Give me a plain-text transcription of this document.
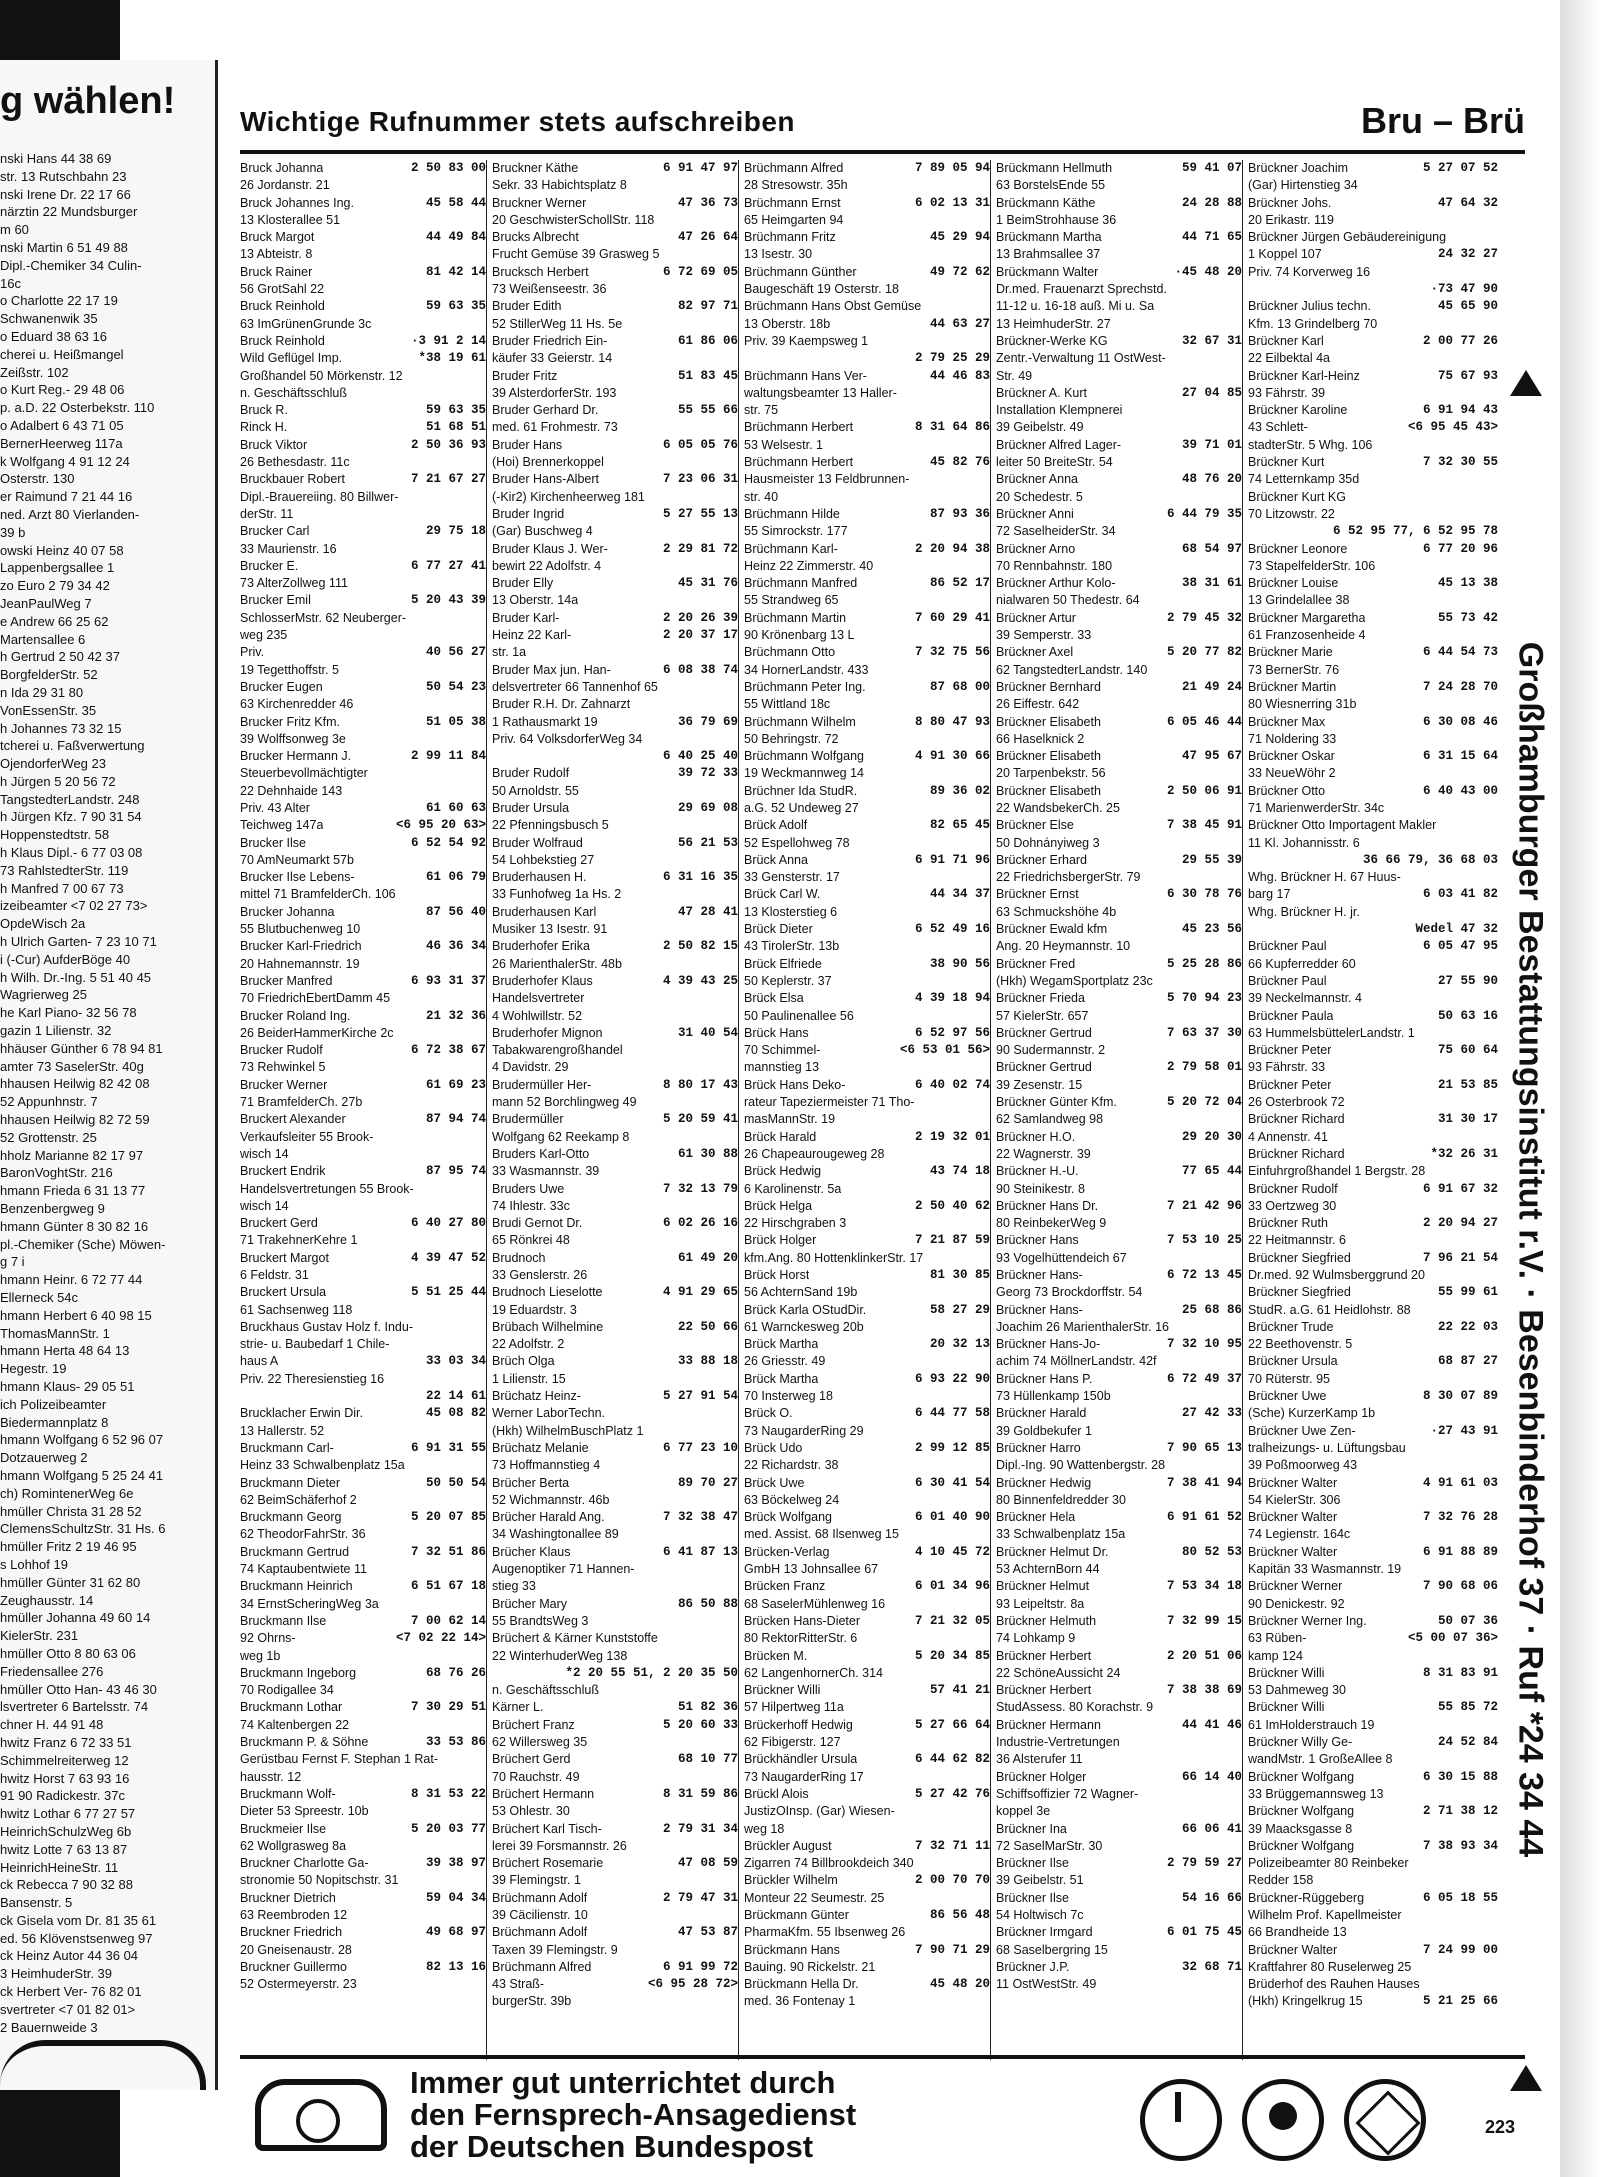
g wählen!
nski Hans 44 38 69
str. 13 Rutschbahn 23
nski Irene Dr. 22 17 66
närztin 22 Mundsburger
m 60
nski Martin 6 51 49 88
Dipl.-Chemiker 34 Culin-
16c
o Charlotte 22 17 19
Schwanenwik 35
o Eduard 38 63 16
cherei u. Heißmangel
Zeißstr. 102
o Kurt Reg.- 29 48 06
p. a.D. 22 Osterbekstr. 110
o Adalbert 6 43 71 05
BernerHeerweg 117a
k Wolfgang 4 91 12 24
Osterstr. 130
er Raimund 7 21 44 16
ned. Arzt 80 Vierlanden-
39 b
owski Heinz 40 07 58
Lappenbergsallee 1
zo Euro 2 79 34 42
JeanPaulWeg 7
e Andrew 66 25 62
Martensallee 6
h Gertrud 2 50 42 37
BorgfelderStr. 52
n Ida 29 31 80
VonEssenStr. 35
h Johannes 73 32 15
tcherei u. Faßverwertung
OjendorferWeg 23
h Jürgen 5 20 56 72
TangstedterLandstr. 248
h Jürgen Kfz. 7 90 31 54
Hoppenstedtstr. 58
h Klaus Dipl.- 6 77 03 08
73 RahlstedterStr. 119
h Manfred 7 00 67 73
izeibeamter <7 02 27 73>
OpdeWisch 2a
h Ulrich Garten- 7 23 10 71
i (-Cur) AufderBöge 40
h Wilh. Dr.-Ing. 5 51 40 45
Wagrierweg 25
he Karl Piano- 32 56 78
gazin 1 Lilienstr. 32
hhäuser Günther 6 78 94 81
amter 73 SaselerStr. 40g
hhausen Heilwig 82 42 08
52 Appunhnstr. 7
hhausen Heilwig 82 72 59
52 Grottenstr. 25
hholz Marianne 82 17 97
BaronVoghtStr. 216
hmann Frieda 6 31 13 77
Benzenbergweg 9
hmann Günter 8 30 82 16
pl.-Chemiker (Sche) Möwen-
g 7 i
hmann Heinr. 6 72 77 44
Ellerneck 54c
hmann Herbert 6 40 98 15
ThomasMannStr. 1
hmann Herta 48 64 13
Hegestr. 19
hmann Klaus- 29 05 51
ich Polizeibeamter
Biedermannplatz 8
hmann Wolfgang 6 52 96 07
Dotzauerweg 2
hmann Wolfgang 5 25 24 41
ch) RomintenerWeg 6e
hmüller Christa 31 28 52
ClemensSchultzStr. 31 Hs. 6
hmüller Fritz 2 19 46 95
s Lohhof 19
hmüller Günter 31 62 80
Zeughausstr. 14
hmüller Johanna 49 60 14
KielerStr. 231
hmüller Otto 8 80 63 06
Friedensallee 276
hmüller Otto Han- 43 46 30
lsvertreter 6 Bartelsstr. 74
chner H. 44 91 48
hwitz Franz 6 72 33 51
Schimmelreiterweg 12
hwitz Horst 7 63 93 16
91 90 Radickestr. 37c
hwitz Lothar 6 77 27 57
HeinrichSchulzWeg 6b
hwitz Lotte 7 63 13 87
HeinrichHeineStr. 11
ck Rebecca 7 90 32 88
Bansenstr. 5
ck Gisela vom Dr. 81 35 61
ed. 56 Klövenstsenweg 97
ck Heinz Autor 44 36 04
3 HeimhuderStr. 39
ck Herbert Ver- 76 82 01
svertreter <7 01 82 01>
2 Bauernweide 3
Wichtige Rufnummer stets aufschreiben	Bru – Brü
Bruck Johanna	2 50 83 00
26 Jordanstr. 21
Bruck Johannes Ing.	45 58 44
13 Klosterallee 51
Bruck Margot	44 49 84
13 Abteistr. 8
Bruck Rainer	81 42 14
56 GrotSahl 22
Bruck Reinhold	59 63 35
63 ImGrünenGrunde 3c
Bruck Reinhold	·3 91 2 14
Wild Geflügel Imp.	*38 19 61
Großhandel 50 Mörkenstr. 12
n. Geschäftsschluß
Bruck R.	59 63 35
Rinck H.	51 68 51
Bruck Viktor	2 50 36 93
26 Bethesdastr. 11c
Bruckbauer Robert	7 21 67 27
Dipl.-Brauereiing. 80 Billwer-
derStr. 11
Brucker Carl	29 75 18
33 Maurienstr. 16
Brucker E.	6 77 27 41
73 AlterZollweg 111
Brucker Emil	5 20 43 39
SchlosserMstr. 62 Neuberger-
weg 235
Priv.	40 56 27
19 Tegetthoffstr. 5
Brucker Eugen	50 54 23
63 Kirchenredder 46
Brucker Fritz Kfm.	51 05 38
39 Wolffsonweg 3e
Brucker Hermann J.	2 99 11 84
Steuerbevollmächtigter
22 Dehnhaide 143
Priv. 43 Alter	61 60 63
Teichweg 147a	<6 95 20 63>
Brucker Ilse	6 52 54 92
70 AmNeumarkt 57b
Brucker Ilse Lebens-	61 06 79
mittel 71 BramfelderCh. 106
Brucker Johanna	87 56 40
55 Blutbuchenweg 10
Brucker Karl-Friedrich	46 36 34
20 Hahnemannstr. 19
Brucker Manfred	6 93 31 37
70 FriedrichEbertDamm 45
Brucker Roland Ing.	21 32 36
26 BeiderHammerKirche 2c
Brucker Rudolf	6 72 38 67
73 Rehwinkel 5
Brucker Werner	61 69 23
71 BramfelderCh. 27b
Bruckert Alexander	87 94 74
Verkaufsleiter 55 Brook-
wisch 14
Bruckert Endrik	87 95 74
Handelsvertretungen 55 Brook-
wisch 14
Bruckert Gerd	6 40 27 80
71 TrakehnerKehre 1
Bruckert Margot	4 39 47 52
6 Feldstr. 31
Bruckert Ursula	5 51 25 44
61 Sachsenweg 118
Bruckhaus Gustav Holz f. Indu-
strie- u. Baubedarf 1 Chile-
haus A	33 03 34
Priv. 22 Theresienstieg 16
22 14 61
Brucklacher Erwin Dir.	45 08 82
13 Hallerstr. 52
Bruckmann Carl-	6 91 31 55
Heinz 33 Schwalbenplatz 15a
Bruckmann Dieter	50 50 54
62 BeimSchäferhof 2
Bruckmann Georg	5 20 07 85
62 TheodorFahrStr. 36
Bruckmann Gertrud	7 32 51 86
74 Kaptaubentwiete 11
Bruckmann Heinrich	6 51 67 18
34 ErnstScheringWeg 3a
Bruckmann Ilse	7 00 62 14
92 Ohrns-	<7 02 22 14>
weg 1b
Bruckmann Ingeborg	68 76 26
70 Rodigallee 34
Bruckmann Lothar	7 30 29 51
74 Kaltenbergen 22
Bruckmann P. & Söhne	33 53 86
Gerüstbau Fernst F. Stephan 1 Rat-
hausstr. 12
Bruckmann Wolf-	8 31 53 22
Dieter 53 Spreestr. 10b
Bruckmeier Ilse	5 20 03 77
62 Wollgrasweg 8a
Bruckner Charlotte Ga-	39 38 97
stronomie 50 Nopitschstr. 31
Bruckner Dietrich	59 04 34
63 Reembroden 12
Bruckner Friedrich	49 68 97
20 Gneisenaustr. 28
Bruckner Guillermo	82 13 16
52 Ostermeyerstr. 23
Bruckner Käthe	6 91 47 97
Sekr. 33 Habichtsplatz 8
Bruckner Werner	47 36 73
20 GeschwisterSchollStr. 118
Brucks Albrecht	47 26 64
Frucht Gemüse 39 Grasweg 5
Brucksch Herbert	6 72 69 05
73 Weißenseestr. 36
Bruder Edith	82 97 71
52 StillerWeg 11 Hs. 5e
Bruder Friedrich Ein-	61 86 06
käufer 33 Geierstr. 14
Bruder Fritz	51 83 45
39 AlsterdorferStr. 193
Bruder Gerhard Dr.	55 55 66
med. 61 Frohmestr. 73
Bruder Hans	6 05 05 76
(Hoi) Brennerkoppel
Bruder Hans-Albert	7 23 06 31
(-Kir2) Kirchenheerweg 181
Bruder Ingrid	5 27 55 13
(Gar) Buschweg 4
Bruder Klaus J. Wer-	2 29 81 72
bewirt 22 Adolfstr. 4
Bruder Elly	45 31 76
13 Oberstr. 14a
Bruder Karl-	2 20 26 39
Heinz 22 Karl-	2 20 37 17
str. 1a
Bruder Max jun. Han-	6 08 38 74
delsvertreter 66 Tannenhof 65
Bruder R.H. Dr. Zahnarzt
1 Rathausmarkt 19	36 79 69
Priv. 64 VolksdorferWeg 34
6 40 25 40
Bruder Rudolf	39 72 33
50 Arnoldstr. 55
Bruder Ursula	29 69 08
22 Pfenningsbusch 5
Bruder Wolfraud	56 21 53
54 Lohbekstieg 27
Bruderhausen H.	6 31 16 35
33 Funhofweg 1a Hs. 2
Bruderhausen Karl	47 28 41
Musiker 13 Isestr. 91
Bruderhofer Erika	2 50 82 15
26 MarienthalerStr. 48b
Bruderhofer Klaus	4 39 43 25
Handelsvertreter
4 Wohlwillstr. 52
Bruderhofer Mignon	31 40 54
Tabakwarengroßhandel
4 Davidstr. 29
Brudermüller Her-	8 80 17 43
mann 52 Borchlingweg 49
Brudermüller	5 20 59 41
Wolfgang 62 Reekamp 8
Bruders Karl-Otto	61 30 88
33 Wasmannstr. 39
Bruders Uwe	7 32 13 79
74 Ihlestr. 33c
Brudi Gernot Dr.	6 02 26 16
65 Rönkrei 48
Brudnoch	61 49 20
33 Genslerstr. 26
Brudnoch Lieselotte	4 91 29 65
19 Eduardstr. 3
Brübach Wilhelmine	22 50 66
22 Adolfstr. 2
Brüch Olga	33 88 18
1 Lilienstr. 15
Brüchatz Heinz-	5 27 91 54
Werner LaborTechn.
(Hkh) WilhelmBuschPlatz 1
Brüchatz Melanie	6 77 23 10
73 Hoffmannstieg 4
Brücher Berta	89 70 27
52 Wichmannstr. 46b
Brücher Harald Ang.	7 32 38 47
34 Washingtonallee 89
Brücher Klaus	6 41 87 13
Augenoptiker 71 Hannen-
stieg 33
Brücher Mary	86 50 88
55 BrandtsWeg 3
Brüchert & Kärner Kunststoffe
22 WinterhuderWeg 138
*2 20 55 51, 2 20 35 50
n. Geschäftsschluß
Kärner L.	51 82 36
Brüchert Franz	5 20 60 33
62 Willersweg 35
Brüchert Gerd	68 10 77
70 Rauchstr. 49
Brüchert Hermann	8 31 59 86
53 Ohlestr. 30
Brüchert Karl Tisch-	2 79 31 34
lerei 39 Forsmannstr. 26
Brüchert Rosemarie	47 08 59
39 Flemingstr. 1
Brüchmann Adolf	2 79 47 31
39 Cäcilienstr. 10
Brüchmann Adolf	47 53 87
Taxen 39 Flemingstr. 9
Brüchmann Alfred	6 91 99 72
43 Straß-	<6 95 28 72>
burgerStr. 39b
Brüchmann Alfred	7 89 05 94
28 Stresowstr. 35h
Brüchmann Ernst	6 02 13 31
65 Heimgarten 94
Brüchmann Fritz	45 29 94
13 Isestr. 30
Brüchmann Günther	49 72 62
Baugeschäft 19 Osterstr. 18
Brüchmann Hans Obst Gemüse
13 Oberstr. 18b	44 63 27
Priv. 39 Kaempsweg 1
2 79 25 29
Brüchmann Hans Ver-	44 46 83
waltungsbeamter 13 Haller-
str. 75
Brüchmann Herbert	8 31 64 86
53 Welsestr. 1
Brüchmann Herbert	45 82 76
Hausmeister 13 Feldbrunnen-
str. 40
Brüchmann Hilde	87 93 36
55 Simrockstr. 177
Brüchmann Karl-	2 20 94 38
Heinz 22 Zimmerstr. 40
Brüchmann Manfred	86 52 17
55 Strandweg 65
Brüchmann Martin	7 60 29 41
90 Krönenbarg 13 L
Brüchmann Otto	7 32 75 56
34 HornerLandstr. 433
Brüchmann Peter Ing.	87 68 00
55 Wittland 18c
Brüchmann Wilhelm	8 80 47 93
50 Behringstr. 72
Brüchmann Wolfgang	4 91 30 66
19 Weckmannweg 14
Brüchner Ida StudR.	89 36 02
a.G. 52 Undeweg 27
Brück Adolf	82 65 45
52 Espellohweg 78
Brück Anna	6 91 71 96
33 Gensterstr. 17
Brück Carl W.	44 34 37
13 Klosterstieg 6
Brück Dieter	6 52 49 16
43 TirolerStr. 13b
Brück Elfriede	38 90 56
50 Keplerstr. 37
Brück Elsa	4 39 18 94
50 Paulinenallee 56
Brück Hans	6 52 97 56
70 Schimmel-	<6 53 01 56>
mannstieg 13
Brück Hans Deko-	6 40 02 74
rateur Tapeziermeister 71 Tho-
masMannStr. 19
Brück Harald	2 19 32 01
26 Chapeaurougeweg 28
Brück Hedwig	43 74 18
6 Karolinenstr. 5a
Brück Helga	2 50 40 62
22 Hirschgraben 3
Brück Holger	7 21 87 59
kfm.Ang. 80 HottenklinkerStr. 17
Brück Horst	81 30 85
56 AchternSand 19b
Brück Karla OStudDir.	58 27 29
61 Warnckesweg 20b
Brück Martha	20 32 13
26 Griesstr. 49
Brück Martha	6 93 22 90
70 Insterweg 18
Brück O.	6 44 77 58
73 NaugarderRing 29
Brück Udo	2 99 12 85
22 Richardstr. 38
Brück Uwe	6 30 41 54
63 Böckelweg 24
Brück Wolfgang	6 01 40 90
med. Assist. 68 Ilsenweg 15
Brücken-Verlag	4 10 45 72
GmbH 13 Johnsallee 67
Brücken Franz	6 01 34 96
68 SaselerMühlenweg 16
Brücken Hans-Dieter	7 21 32 05
80 RektorRitterStr. 6
Brücken M.	5 20 34 85
62 LangenhornerCh. 314
Brückner Willi	57 41 21
57 Hilpertweg 11a
Brückerhoff Hedwig	5 27 66 64
62 Fibigerstr. 127
Brückhändler Ursula	6 44 62 82
73 NaugarderRing 17
Brückl Alois	5 27 42 76
JustizOInsp. (Gar) Wiesen-
weg 18
Brückler August	7 32 71 11
Zigarren 74 Billbrookdeich 340
Brückler Wilhelm	2 00 70 70
Monteur 22 Seumestr. 25
Brückmann Günter	86 56 48
PharmaKfm. 55 Ibsenweg 26
Brückmann Hans	7 90 71 29
Bauing. 90 Rickelstr. 21
Brückmann Hella Dr.	45 48 20
med. 36 Fontenay 1
Brückmann Hellmuth	59 41 07
63 BorstelsEnde 55
Brückmann Käthe	24 28 88
1 BeimStrohhause 36
Brückmann Martha	44 71 65
13 Brahmsallee 37
Brückmann Walter	·45 48 20
Dr.med. Frauenarzt Sprechstd.
11-12 u. 16-18 auß. Mi u. Sa
13 HeimhuderStr. 27
Brückner-Werke KG	32 67 31
Zentr.-Verwaltung 11 OstWest-
Str. 49
Brückner A. Kurt	27 04 85
Installation Klempnerei
39 Geibelstr. 49
Brückner Alfred Lager-	39 71 01
leiter 50 BreiteStr. 54
Brückner Anna	48 76 20
20 Schedestr. 5
Brückner Anni	6 44 79 35
72 SaselheiderStr. 34
Brückner Arno	68 54 97
70 Rennbahnstr. 180
Brückner Arthur Kolo-	38 31 61
nialwaren 50 Thedestr. 64
Brückner Artur	2 79 45 32
39 Semperstr. 33
Brückner Axel	5 20 77 82
62 TangstedterLandstr. 140
Brückner Bernhard	21 49 24
26 Eiffestr. 642
Brückner Elisabeth	6 05 46 44
66 Haselknick 2
Brückner Elisabeth	47 95 67
20 Tarpenbekstr. 56
Brückner Elisabeth	2 50 06 91
22 WandsbekerCh. 25
Brückner Else	7 38 45 91
50 Dohnányiweg 3
Brückner Erhard	29 55 39
22 FriedrichsbergerStr. 79
Brückner Ernst	6 30 78 76
63 Schmuckshöhe 4b
Brückner Ewald kfm	45 23 56
Ang. 20 Heymannstr. 10
Brückner Fred	5 25 28 86
(Hkh) WegamSportplatz 23c
Brückner Frieda	5 70 94 23
57 KielerStr. 657
Brückner Gertrud	7 63 37 30
90 Sudermannstr. 2
Brückner Gertrud	2 79 58 01
39 Zesenstr. 15
Brückner Günter Kfm.	5 20 72 04
62 Samlandweg 98
Brückner H.O.	29 20 30
22 Wagnerstr. 39
Brückner H.-U.	77 65 44
90 Steinikestr. 8
Brückner Hans Dr.	7 21 42 96
80 ReinbekerWeg 9
Brückner Hans	7 53 10 25
93 Vogelhüttendeich 67
Brückner Hans-	6 72 13 45
Georg 73 Brockdorffstr. 54
Brückner Hans-	25 68 86
Joachim 26 MarienthalerStr. 16
Brückner Hans-Jo-	7 32 10 95
achim 74 MöllnerLandstr. 42f
Brückner Hans P.	6 72 49 37
73 Hüllenkamp 150b
Brückner Harald	27 42 33
39 Goldbekufer 1
Brückner Harro	7 90 65 13
Dipl.-Ing. 90 Wattenbergstr. 28
Brückner Hedwig	7 38 41 94
80 Binnenfeldredder 30
Brückner Hela	6 91 61 52
33 Schwalbenplatz 15a
Brückner Helmut Dr.	80 52 53
53 AchternBorn 44
Brückner Helmut	7 53 34 18
93 Leipeltstr. 8a
Brückner Helmuth	7 32 99 15
74 Lohkamp 9
Brückner Herbert	2 20 51 06
22 SchöneAussicht 24
Brückner Herbert	7 38 38 69
StudAssess. 80 Korachstr. 9
Brückner Hermann	44 41 46
Industrie-Vertretungen
36 Alsterufer 11
Brückner Holger	66 14 40
Schiffsoffizier 72 Wagner-
koppel 3e
Brückner Ina	66 06 41
72 SaselMarStr. 30
Brückner Ilse	2 79 59 27
39 Geibelstr. 51
Brückner Ilse	54 16 66
54 Holtwisch 7c
Brückner Irmgard	6 01 75 45
68 Saselbergring 15
Brückner J.P.	32 68 71
11 OstWestStr. 49
Brückner Joachim	5 27 07 52
(Gar) Hirtenstieg 34
Brückner Johs.	47 64 32
20 Erikastr. 119
Brückner Jürgen Gebäudereinigung
1 Koppel 107	24 32 27
Priv. 74 Korverweg 16
·73 47 90
Brückner Julius techn.	45 65 90
Kfm. 13 Grindelberg 70
Brückner Karl	2 00 77 26
22 Eilbektal 4a
Brückner Karl-Heinz	75 67 93
93 Fährstr. 39
Brückner Karoline	6 91 94 43
43 Schlett-	<6 95 45 43>
stadterStr. 5 Whg. 106
Brückner Kurt	7 32 30 55
74 Letternkamp 35d
Brückner Kurt KG
70 Litzowstr. 22
6 52 95 77, 6 52 95 78
Brückner Leonore	6 77 20 96
73 StapelfelderStr. 106
Brückner Louise	45 13 38
13 Grindelallee 38
Brückner Margaretha	55 73 42
61 Franzosenheide 4
Brückner Marie	6 44 54 73
73 BernerStr. 76
Brückner Martin	7 24 28 70
80 Wiesnerring 31b
Brückner Max	6 30 08 46
71 Noldering 33
Brückner Oskar	6 31 15 64
33 NeueWöhr 2
Brückner Otto	6 40 43 00
71 MarienwerderStr. 34c
Brückner Otto Importagent Makler
11 Kl. Johannisstr. 6
36 66 79, 36 68 03
Whg. Brückner H. 67 Huus-
barg 17	6 03 41 82
Whg. Brückner H. jr.
Wedel 47 32
Brückner Paul	6 05 47 95
66 Kupferredder 60
Brückner Paul	27 55 90
39 Neckelmannstr. 4
Brückner Paula	50 63 16
63 HummelsbüttelerLandstr. 1
Brückner Peter	75 60 64
93 Fährstr. 33
Brückner Peter	21 53 85
26 Osterbrook 72
Brückner Richard	31 30 17
4 Annenstr. 41
Brückner Richard	*32 26 31
Einfuhrgroßhandel 1 Bergstr. 28
Brückner Rudolf	6 91 67 32
33 Oertzweg 30
Brückner Ruth	2 20 94 27
22 Heitmannstr. 6
Brückner Siegfried	7 96 21 54
Dr.med. 92 Wulmsberggrund 20
Brückner Siegfried	55 99 61
StudR. a.G. 61 Heidlohstr. 88
Brückner Trude	22 22 03
22 Beethovenstr. 5
Brückner Ursula	68 87 27
70 Rüterstr. 95
Brückner Uwe	8 30 07 89
(Sche) KurzerKamp 1b
Brückner Uwe Zen-	·27 43 91
tralheizungs- u. Lüftungsbau
39 Poßmoorweg 43
Brückner Walter	4 91 61 03
54 KielerStr. 306
Brückner Walter	7 32 76 28
74 Legienstr. 164c
Brückner Walter	6 91 88 89
Kapitän 33 Wasmannstr. 19
Brückner Werner	7 90 68 06
90 Denickestr. 92
Brückner Werner Ing.	50 07 36
63 Rüben-	<5 00 07 36>
kamp 124
Brückner Willi	8 31 83 91
53 Dahmeweg 30
Brückner Willi	55 85 72
61 ImHolderstrauch 19
Brückner Willy Ge-	24 52 84
wandMstr. 1 GroßeAllee 8
Brückner Wolfgang	6 30 15 88
33 Brüggemannsweg 13
Brückner Wolfgang	2 71 38 12
39 Maacksgasse 8
Brückner Wolfgang	7 38 93 34
Polizeibeamter 80 Reinbeker
Redder 158
Brückner-Rüggeberg	6 05 18 55
Wilhelm Prof. Kapellmeister
66 Brandheide 13
Brückner Walter	7 24 99 00
Kraftfahrer 80 Ruselerweg 25
Brüderhof des Rauhen Hauses
(Hkh) Kringelkrug 15	5 21 25 66
Großhamburger Bestattungsinstitut r.V. · Besenbinderhof 37 · Ruf *24 34 44
Immer gut unterrichtet durch
den Fernsprech-Ansagedienst
der Deutschen Bundespost
223
